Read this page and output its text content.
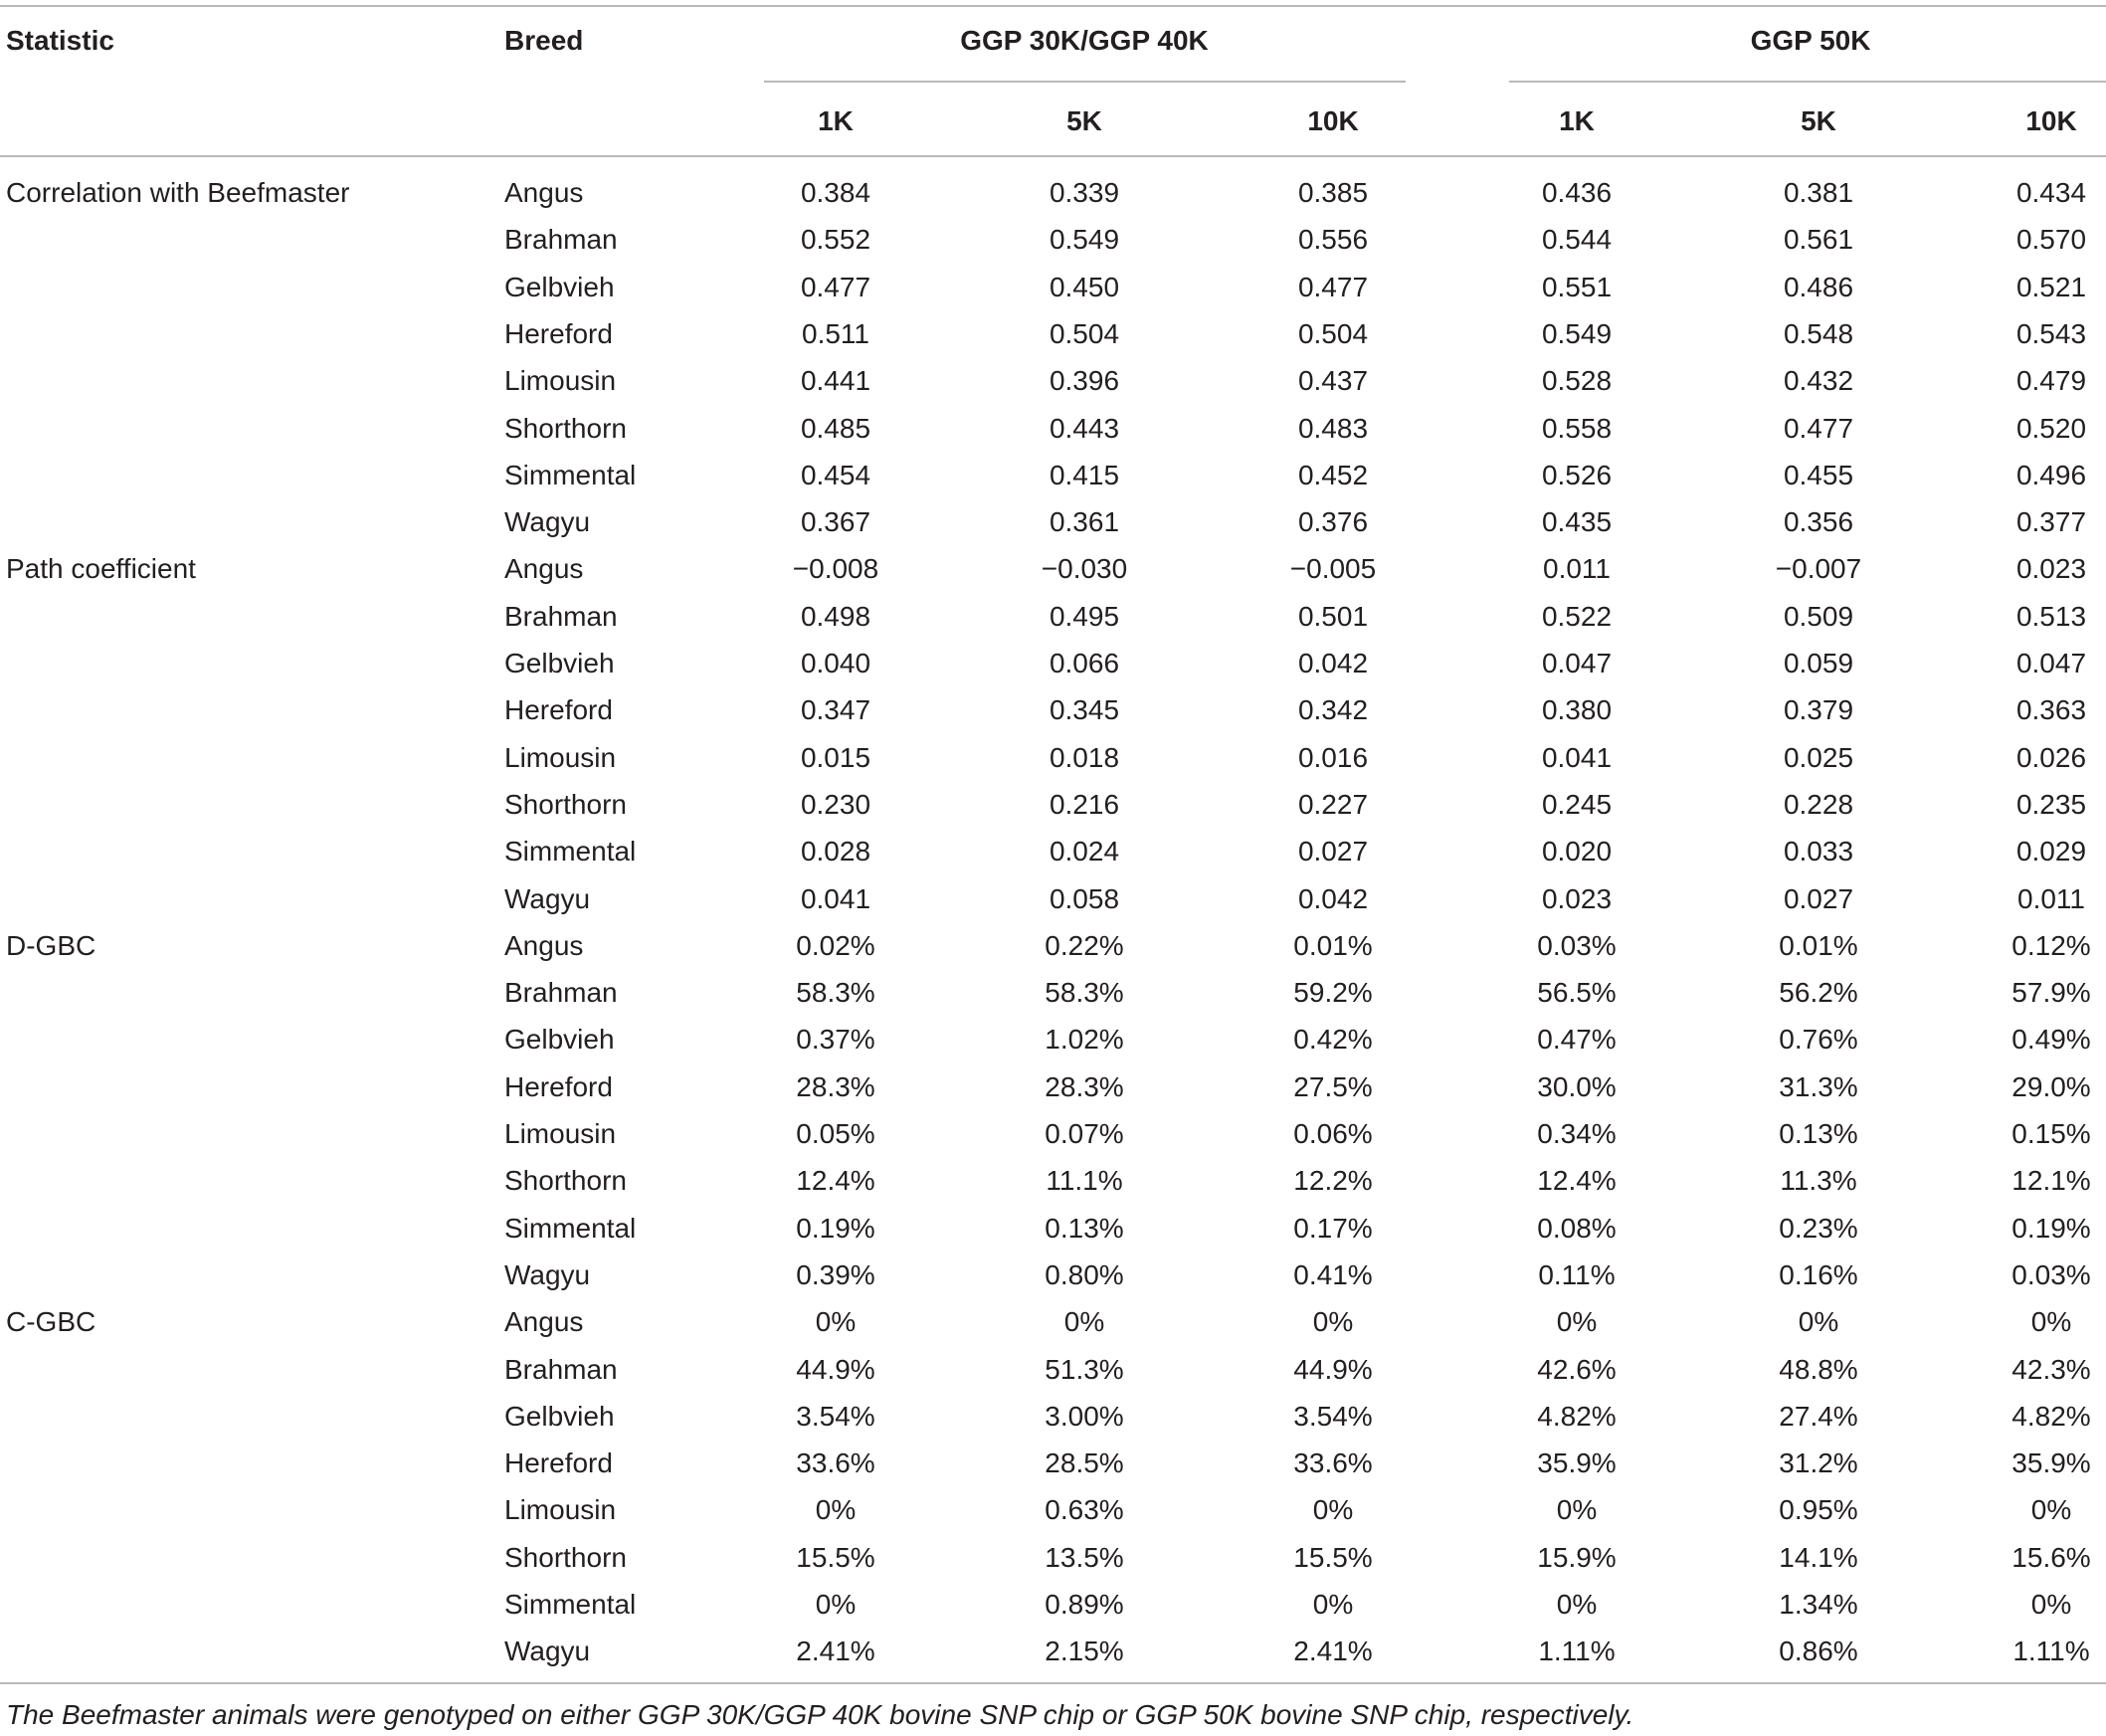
Statistic	Breed	GGP 30K/GGP 40K	GGP 50K
1K	5K	10K	1K	5K	10K
Correlation with Beefmaster	Angus	0.384	0.339	0.385	0.436	0.381	0.434
Brahman	0.552	0.549	0.556	0.544	0.561	0.570
Gelbvieh	0.477	0.450	0.477	0.551	0.486	0.521
Hereford	0.511	0.504	0.504	0.549	0.548	0.543
Limousin	0.441	0.396	0.437	0.528	0.432	0.479
Shorthorn	0.485	0.443	0.483	0.558	0.477	0.520
Simmental	0.454	0.415	0.452	0.526	0.455	0.496
Wagyu	0.367	0.361	0.376	0.435	0.356	0.377
Path coefficient	Angus	−0.008	−0.030	−0.005	0.011	−0.007	0.023
Brahman	0.498	0.495	0.501	0.522	0.509	0.513
Gelbvieh	0.040	0.066	0.042	0.047	0.059	0.047
Hereford	0.347	0.345	0.342	0.380	0.379	0.363
Limousin	0.015	0.018	0.016	0.041	0.025	0.026
Shorthorn	0.230	0.216	0.227	0.245	0.228	0.235
Simmental	0.028	0.024	0.027	0.020	0.033	0.029
Wagyu	0.041	0.058	0.042	0.023	0.027	0.011
D-GBC	Angus	0.02%	0.22%	0.01%	0.03%	0.01%	0.12%
Brahman	58.3%	58.3%	59.2%	56.5%	56.2%	57.9%
Gelbvieh	0.37%	1.02%	0.42%	0.47%	0.76%	0.49%
Hereford	28.3%	28.3%	27.5%	30.0%	31.3%	29.0%
Limousin	0.05%	0.07%	0.06%	0.34%	0.13%	0.15%
Shorthorn	12.4%	11.1%	12.2%	12.4%	11.3%	12.1%
Simmental	0.19%	0.13%	0.17%	0.08%	0.23%	0.19%
Wagyu	0.39%	0.80%	0.41%	0.11%	0.16%	0.03%
C-GBC	Angus	0%	0%	0%	0%	0%	0%
Brahman	44.9%	51.3%	44.9%	42.6%	48.8%	42.3%
Gelbvieh	3.54%	3.00%	3.54%	4.82%	27.4%	4.82%
Hereford	33.6%	28.5%	33.6%	35.9%	31.2%	35.9%
Limousin	0%	0.63%	0%	0%	0.95%	0%
Shorthorn	15.5%	13.5%	15.5%	15.9%	14.1%	15.6%
Simmental	0%	0.89%	0%	0%	1.34%	0%
Wagyu	2.41%	2.15%	2.41%	1.11%	0.86%	1.11%
The Beefmaster animals were genotyped on either GGP 30K/GGP 40K bovine SNP chip or GGP 50K bovine SNP chip, respectively.
